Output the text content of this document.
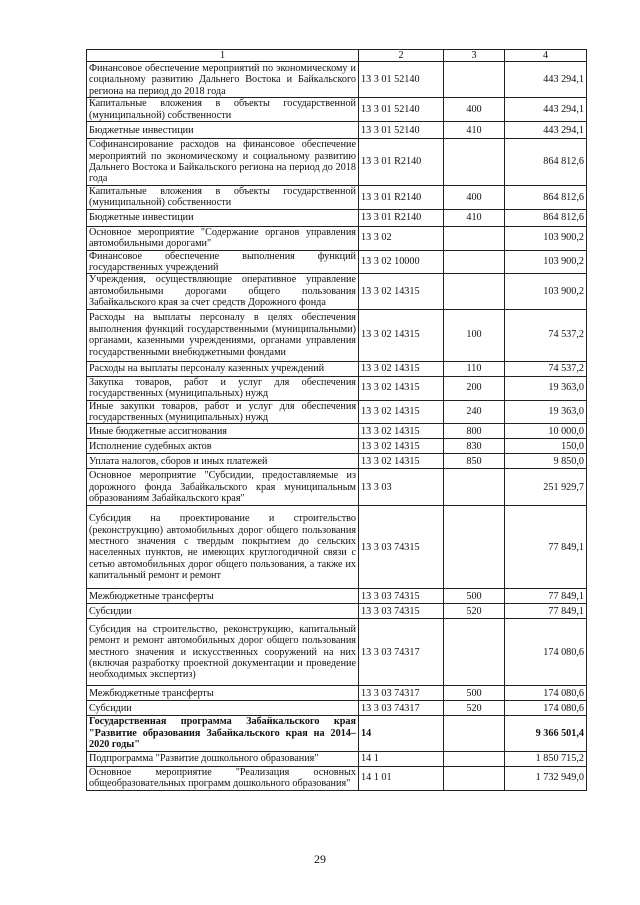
1	2	3	4
Финансовое обеспечение мероприятий по экономическому и социальному развитию Дальнего Востока и Байкальского региона на период до 2018 года	13 3 01 52140		443 294,1
Капитальные вложения в объекты государственной (муниципальной) собственности	13 3 01 52140	400	443 294,1
Бюджетные инвестиции	13 3 01 52140	410	443 294,1
Софинансирование расходов на финансовое обеспечение мероприятий по экономическому и социальному развитию Дальнего Востока и Байкальского региона на период до 2018 года	13 3 01 R2140		864 812,6
Капитальные вложения в объекты государственной (муниципальной) собственности	13 3 01 R2140	400	864 812,6
Бюджетные инвестиции	13 3 01 R2140	410	864 812,6
Основное мероприятие "Содержание органов управления автомобильными дорогами"	13 3 02		103 900,2
Финансовое обеспечение выполнения функций государственных учреждений	13 3 02 10000		103 900,2
Учреждения, осуществляющие оперативное управление автомобильными дорогами общего пользования Забайкальского края за счет средств Дорожного фонда	13 3 02 14315		103 900,2
Расходы на выплаты персоналу в целях обеспечения выполнения функций государственными (муниципальными) органами, казенными учреждениями, органами управления государственными внебюджетными фондами	13 3 02 14315	100	74 537,2
Расходы на выплаты персоналу казенных учреждений	13 3 02 14315	110	74 537,2
Закупка товаров, работ и услуг для обеспечения государственных (муниципальных) нужд	13 3 02 14315	200	19 363,0
Иные закупки товаров, работ и услуг для обеспечения государственных (муниципальных) нужд	13 3 02 14315	240	19 363,0
Иные бюджетные ассигнования	13 3 02 14315	800	10 000,0
Исполнение судебных актов	13 3 02 14315	830	150,0
Уплата налогов, сборов и иных платежей	13 3 02 14315	850	9 850,0
Основное мероприятие "Субсидии, предоставляемые из дорожного фонда Забайкальского края муниципальным образованиям Забайкальского края"	13 3 03		251 929,7
Субсидия на проектирование и строительство (реконструкцию) автомобильных дорог общего пользования местного значения с твердым покрытием до сельских населенных пунктов, не имеющих круглогодичной связи с сетью автомобильных дорог общего пользования, а также их капитальный ремонт и ремонт	13 3 03 74315		77 849,1
Межбюджетные трансферты	13 3 03 74315	500	77 849,1
Субсидии	13 3 03 74315	520	77 849,1
Субсидия на строительство, реконструкцию, капитальный ремонт и ремонт автомобильных дорог общего пользования местного значения и искусственных сооружений на них (включая разработку проектной документации и проведение необходимых экспертиз)	13 3 03 74317		174 080,6
Межбюджетные трансферты	13 3 03 74317	500	174 080,6
Субсидии	13 3 03 74317	520	174 080,6
Государственная программа Забайкальского края "Развитие образования Забайкальского края на 2014–2020 годы"	14		9 366 501,4
Подпрограмма "Развитие дошкольного образования"	14 1		1 850 715,2
Основное мероприятие "Реализация основных общеобразовательных программ дошкольного образования"	14 1 01		1 732 949,0
29
